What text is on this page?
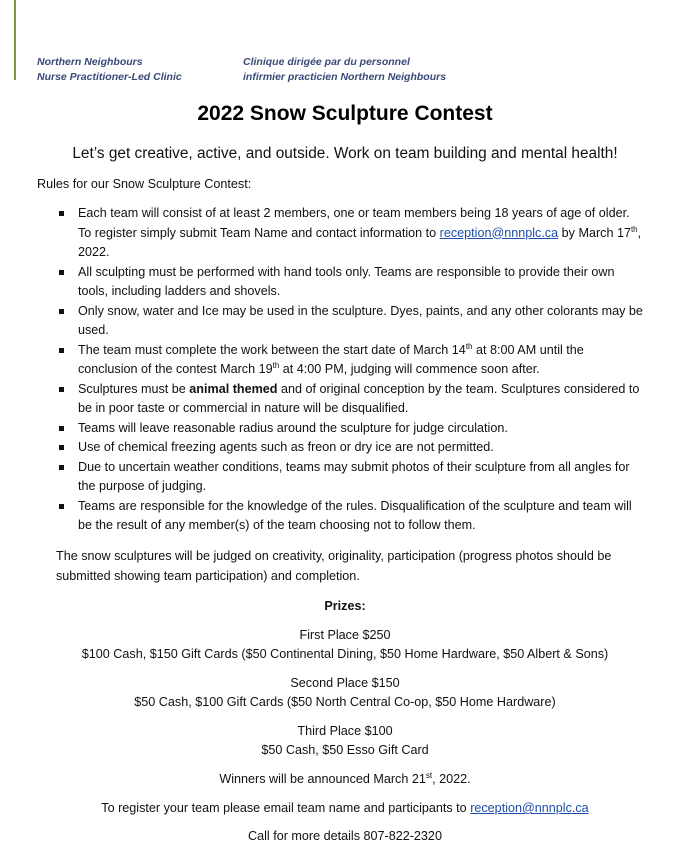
Northern Neighbours
Nurse Practitioner-Led Clinic
Clinique dirigée par du personnel
infirmier practicien Northern Neighbours
2022 Snow Sculpture Contest
Let’s get creative, active, and outside. Work on team building and mental health!
Rules for our Snow Sculpture Contest:
Each team will consist of at least 2 members, one or team members being 18 years of age of older. To register simply submit Team Name and contact information to reception@nnnplc.ca by March 17th, 2022.
All sculpting must be performed with hand tools only. Teams are responsible to provide their own tools, including ladders and shovels.
Only snow, water and Ice may be used in the sculpture. Dyes, paints, and any other colorants may be used.
The team must complete the work between the start date of March 14th at 8:00 AM until the conclusion of the contest March 19th at 4:00 PM, judging will commence soon after.
Sculptures must be animal themed and of original conception by the team. Sculptures considered to be in poor taste or commercial in nature will be disqualified.
Teams will leave reasonable radius around the sculpture for judge circulation.
Use of chemical freezing agents such as freon or dry ice are not permitted.
Due to uncertain weather conditions, teams may submit photos of their sculpture from all angles for the purpose of judging.
Teams are responsible for the knowledge of the rules. Disqualification of the sculpture and team will be the result of any member(s) of the team choosing not to follow them.
The snow sculptures will be judged on creativity, originality, participation (progress photos should be submitted showing team participation) and completion.
Prizes:
First Place $250
$100 Cash, $150 Gift Cards ($50 Continental Dining, $50 Home Hardware, $50 Albert & Sons)
Second Place $150
$50 Cash, $100 Gift Cards ($50 North Central Co-op, $50 Home Hardware)
Third Place $100
$50 Cash, $50 Esso Gift Card
Winners will be announced March 21st, 2022.
To register your team please email team name and participants to reception@nnnplc.ca
Call for more details 807-822-2320
